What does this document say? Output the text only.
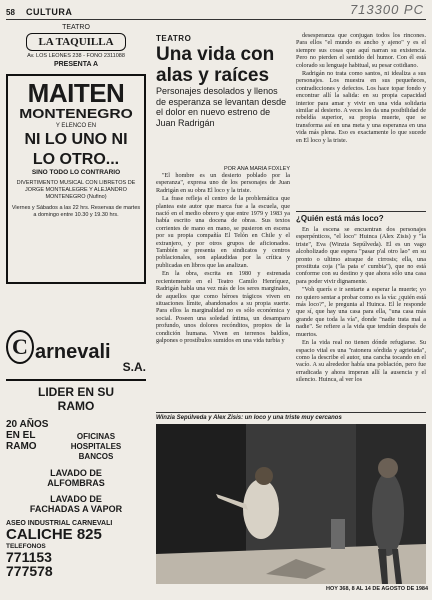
58 CULTURA	713300 PC
TEATRO
LA TAQUILLA
Av. LOS LEONES 238 - FONO 2311088
PRESENTA A
MAITEN
MONTENEGRO
Y ELENCO EN
NI LO UNO NI
LO OTRO...
SINO TODO LO CONTRARIO
DIVERTIMENTO MUSICAL CON LIBRETOS DE JORGE MONTEALEGRE Y ALEJANDRO MONTENEGRO (Nufino)
Viernes y Sábados a las 22 hrs. Reservas de martes a domingo entre 10.30 y 19.30 hrs.
C arnevali
S.A.
LIDER EN SU
RAMO
20 AÑOS
EN EL
RAMO
OFICINAS
HOSPITALES
BANCOS
LAVADO DE
ALFOMBRAS
LAVADO DE
FACHADAS A VAPOR
ASEO INDUSTRIAL CARNEVALI
CALICHE 825
TELEFONOS
771153
777578
TEATRO
Una vida con alas y raíces
Personajes desolados y llenos de esperanza se levantan desde el dolor en nuevo estreno de Juan Radrigán
POR ANA MARIA FOXLEY

"El hombre es un desierto poblado por la esperanza", expresa uno de los personajes de Juan Radrigán en su obra El loco y la triste.

La frase refleja el centro de la problemática que plantea este autor que marca fue a la escuela, que nació en el medio obrero y que entre 1979 y 1983 ya había escrito una docena de obras. Sus textos corrientes de mano en mano, se pusieron en escena por su propia compañía El Telón en Chile y el extranjero, y por otros grupos de aficionados. También se presenta en sindicatos y centros poblacionales, son aplaudidas por la crítica y publicadas en libros que las analizan.

En la obra, escrita en 1980 y estrenada recientemente en el Teatro Camilo Henríquez, Radrigán habla una vez más de los seres marginales, de aquellos que como héroes trágicos viven en situaciones límite, abandonados a su propia suerte. Para ellos la marginalidad no es sólo económica y social. Poseen una soledad íntima, un desamparo profundo, unos dolores recónditos, propios de la condición humana. Viven en terrenos baldíos, galpones o prostíbulos sumidos en una vida turbia y

desesperanza que conjugan todos los rincones. Para ellos "el mundo es ancho y ajeno" y es el siempre sus cosas que aquí narran su existencia. Pero no pierden el sentido del humor. Con él está colorado su lenguaje habitual, su pesar cotidiano.

Radrigán no trata como santos, ni idealiza a sus personajes. Los muestra en sus pequeñeces, contradicciones y defectos. Los hace topar fondo y encontrar allí la salida: en su propia capacidad interior para amar y vivir en una vida solidaria similar al desierto. A veces les da una posibilidad de rebeldía superior, su propia muerte, que se transforma así en una meta y una esperanza en una vida más plena. Eso es exactamente lo que sucede en El loco y la triste.

¿Quién está más loco?

En la escena se encuentran dos personajes esperpénticos, "el loco" Huinca (Alex Zisis) y "la triste", Eva (Winzia Sepúlveda). El es un vago alcoholizado que espera "pasar p'al otro lao" en su pronto o ultimo atraque de cirrosis; ella, una prostituta coja ("la pata e' cumbia"), que no está conforme con su destino y que ahora sólo una casa para poder vivir dignamente.

"Voh querís e ir sentarte a esperar la muerte; yo no quiero sentar a probar como es la vía: ¿quién está más loco?", le pregunta al Huinca. El le responde que sí, que hay una casa para ella, "una casa más grande que toda la vía", donde "nadie trata mal a nadie". Se refiere a la vida que tendrán después de muertos.

En la vida real no tienen dónde refugiarse. Su espacio vital es una "ratonera sórdida y agrietada", como la describe el autor, una cancha tocando en el vacío. A su alrededor había una población, pero fue erradicada y ahora imperan allí la ausencia y el silencio. Huinca, al ver los

Winzia Sepúlveda y Alex Zisis: un loco y una triste muy cercanos
HOY 368, 8 AL 14 DE AGOSTO DE 1984
